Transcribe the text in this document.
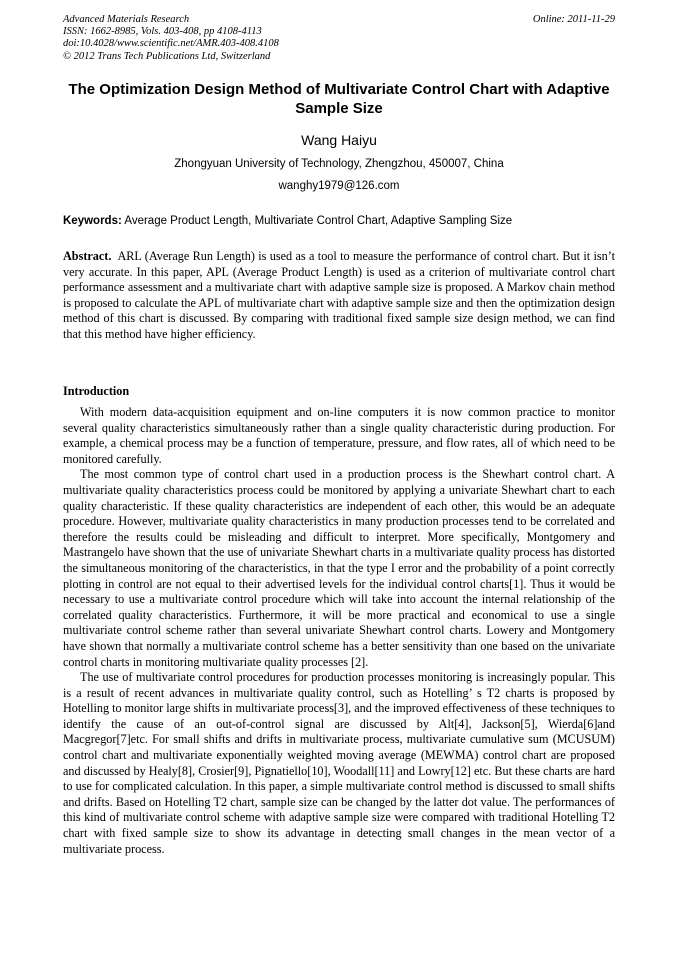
Advanced Materials Research
ISSN: 1662-8985, Vols. 403-408, pp 4108-4113
doi:10.4028/www.scientific.net/AMR.403-408.4108
© 2012 Trans Tech Publications Ltd, Switzerland
Online: 2011-11-29
The Optimization Design Method of Multivariate Control Chart with Adaptive Sample Size
Wang Haiyu
Zhongyuan University of Technology, Zhengzhou, 450007, China
wanghy1979@126.com
Keywords: Average Product Length, Multivariate Control Chart, Adaptive Sampling Size

Abstract. ARL (Average Run Length) is used as a tool to measure the performance of control chart. But it isn’t very accurate. In this paper, APL (Average Product Length) is used as a criterion of multivariate control chart performance assessment and a multivariate chart with adaptive sample size is proposed. A Markov chain method is proposed to calculate the APL of multivariate chart with adaptive sample size and then the optimization design method of this chart is discussed. By comparing with traditional fixed sample size design method, we can find that this method have higher efficiency.

Introduction

With modern data-acquisition equipment and on-line computers it is now common practice to monitor several quality characteristics simultaneously rather than a single quality characteristic during production. For example, a chemical process may be a function of temperature, pressure, and flow rates, all of which need to be monitored carefully.

The most common type of control chart used in a production process is the Shewhart control chart. A multivariate quality characteristics process could be monitored by applying a univariate Shewhart chart to each quality characteristic. If these quality characteristics are independent of each other, this would be an adequate procedure. However, multivariate quality characteristics in many production processes tend to be correlated and therefore the results could be misleading and difficult to interpret. More specifically, Montgomery and Mastrangelo have shown that the use of univariate Shewhart charts in a multivariate quality process has distorted the simultaneous monitoring of the characteristics, in that the type I error and the probability of a point correctly plotting in control are not equal to their advertised levels for the individual control charts[1]. Thus it would be necessary to use a multivariate control procedure which will take into account the internal relationship of the correlated quality characteristics. Furthermore, it will be more practical and economical to use a single multivariate control scheme rather than several univariate Shewhart control charts. Lowery and Montgomery have shown that normally a multivariate control scheme has a better sensitivity than one based on the univariate control charts in monitoring multivariate quality processes [2].

The use of multivariate control procedures for production processes monitoring is increasingly popular. This is a result of recent advances in multivariate quality control, such as Hotelling’ s T2 charts is proposed by Hotelling to monitor large shifts in multivariate process[3], and the improved effectiveness of these techniques to identify the cause of an out-of-control signal are discussed by Alt[4], Jackson[5], Wierda[6]and Macgregor[7]etc. For small shifts and drifts in multivariate process, multivariate cumulative sum (MCUSUM) control chart and multivariate exponentially weighted moving average (MEWMA) control chart are proposed and discussed by Healy[8], Crosier[9], Pignatiello[10], Woodall[11] and Lowry[12] etc. But these charts are hard to use for complicated calculation. In this paper, a simple multivariate control method is discussed to small shifts and drifts. Based on Hotelling T2 chart, sample size can be changed by the latter dot value. The performances of this kind of multivariate control scheme with adaptive sample size were compared with traditional Hotelling T2 chart with fixed sample size to show its advantage in detecting small changes in the mean vector of a multivariate process.
